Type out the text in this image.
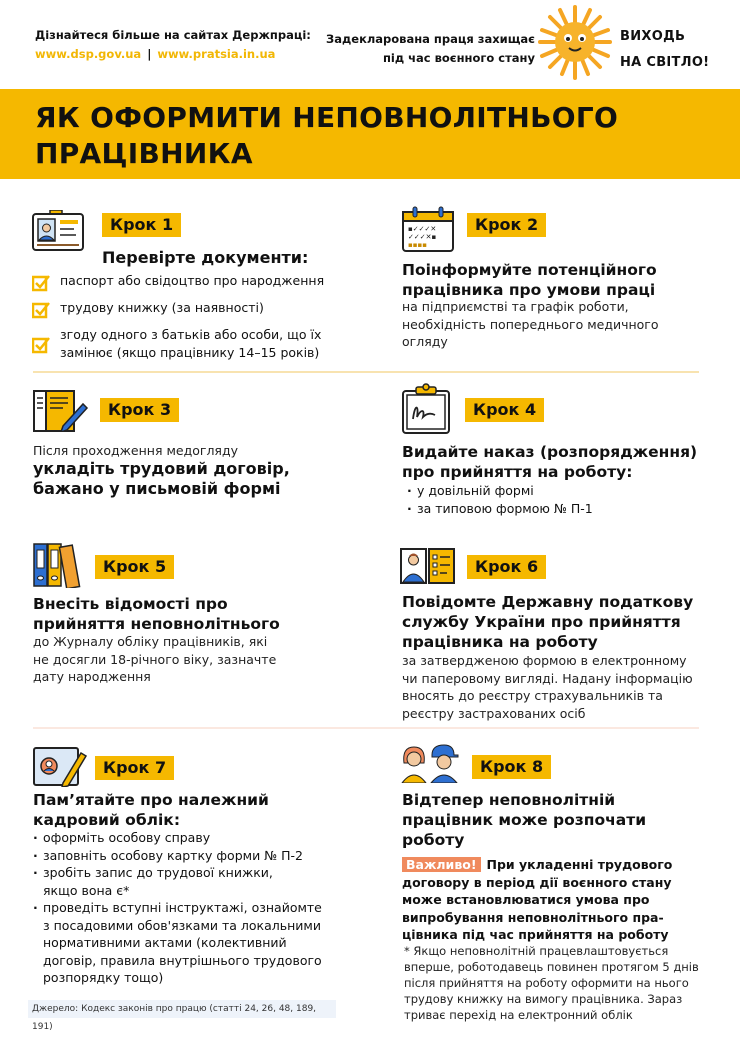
Дізнайтеся більше на сайтах Держпраці:
www.dsp.gov.ua | www.pratsia.in.ua
Задекларована праця захищає
під час воєнного стану
ВИХОДЬ
НА СВІТЛО!
ЯК ОФОРМИТИ НЕПОВНОЛІТНЬОГО
ПРАЦІВНИКА
Крок 1
Перевірте документи:
паспорт або свідоцтво про народження
трудову книжку (за наявності)
згоду одного з батьків або особи, що їх
замінює (якщо працівнику 14–15 років)
▪✓✓✓✕
✓✓✓✕▪
▪▪▪▪
Крок 2
Поінформуйте потенційного
працівника про умови праці
на підприємстві та графік роботи,
необхідність попереднього медичного
огляду
Крок 3
Після проходження медогляду
укладіть трудовий договір,
бажано у письмовій формі
Крок 4
Видайте наказ (розпорядження)
про прийняття на роботу:
· у довільній формі
· за типовою формою № П-1
Крок 5
Внесіть відомості про
прийняття неповнолітнього
до Журналу обліку працівників, які
не досягли 18-річного віку, зазначте
дату народження
Крок 6
Повідомте Державну податкову
службу України про прийняття
працівника на роботу
за затвердженою формою в електронному
чи паперовому вигляді. Надану інформацію
вносять до реєстру страхувальників та
реєстру застрахованих осіб
Крок 7
Пам’ятайте про належний
кадровий облік:
· оформіть особову справу
· заповніть особову картку форми № П-2
· зробіть запис до трудової книжки,
якщо вона є*
· проведіть вступні інструктажі, ознайомте
з посадовими обов'язками та локальними
нормативними актами (колективний
договір, правила внутрішнього трудового
розпорядку тощо)
Крок 8
Відтепер неповнолітній
працівник може розпочати
роботу
Важливо! При укладенні трудового
договору в період дії воєнного стану
може встановлюватися умова про
випробування неповнолітнього пра-
цівника під час прийняття на роботу
* Якщо неповнолітній працевлаштовується
вперше, роботодавець повинен протягом 5 днів
після прийняття на роботу оформити на нього
трудову книжку на вимогу працівника. Зараз
триває перехід на електронний облік
Джерело: Кодекс законів про працю (статті 24, 26, 48, 189, 191)
